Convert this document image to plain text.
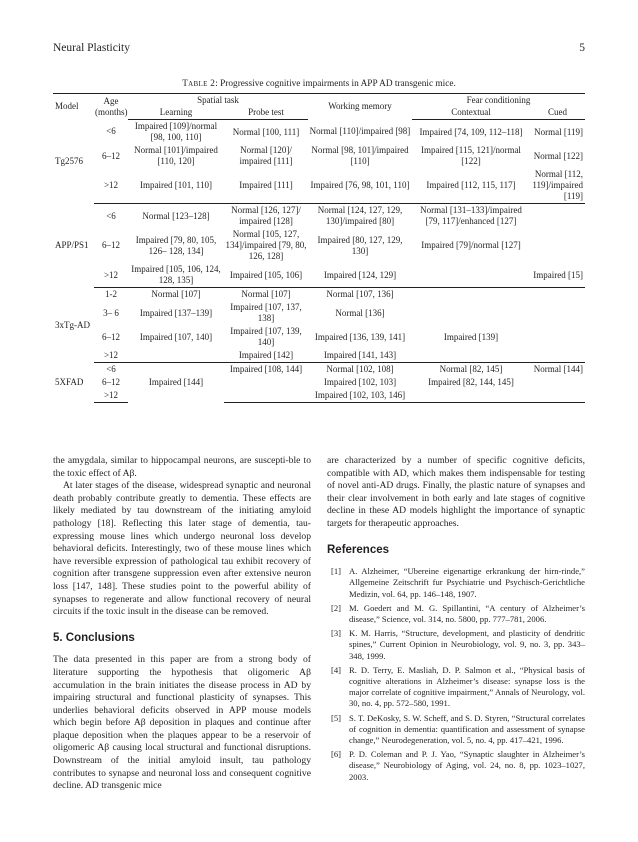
Neural Plasticity	5
Table 2: Progressive cognitive impairments in APP AD transgenic mice.
Model	Age (months)	Spatial task		Working memory	Fear conditioning	
		Learning	Probe test		Contextual	Cued
Tg2576	<6	Impaired [109]/normal [98, 100, 110]	Normal [100, 111]	Normal [110]/impaired [98]	Impaired [74, 109, 112–118]	Normal [119]
	6–12	Normal [101]/impaired [110, 120]	Normal [120]/ impaired [111]	Normal [98, 101]/impaired [110]	Impaired [115, 121]/normal [122]	Normal [122]
	>12	Impaired [101, 110]	Impaired [111]	Impaired [76, 98, 101, 110]	Impaired [112, 115, 117]	Normal [112, 119]/impaired [119]
APP/PS1	<6	Normal [123–128]	Normal [126, 127]/ impaired [128]	Normal [124, 127, 129, 130]/impaired [80]	Normal [131–133]/impaired [79, 117]/enhanced [127]	
	6–12	Impaired [79, 80, 105, 126– 128, 134]	Normal [105, 127, 134]/impaired [79, 80, 126, 128]	Impaired [80, 127, 129, 130]	Impaired [79]/normal [127]	
	>12	Impaired [105, 106, 124, 128, 135]	Impaired [105, 106]	Impaired [124, 129]		Impaired [15]
3xTg-AD	1-2	Normal [107]	Normal [107]	Normal [107, 136]		
	3– 6	Impaired [137–139]	Impaired [107, 137, 138]	Normal [136]		
	6–12	Impaired [107, 140]	Impaired [107, 139, 140]	Impaired [136, 139, 141]	Impaired [139]	
	>12		Impaired [142]	Impaired [141, 143]		
5XFAD	<6	Impaired [144]	Impaired [108, 144]	Normal [102, 108]	Normal [82, 145]	Normal [144]
	6–12			Impaired [102, 103]	Impaired [82, 144, 145]	
	>12			Impaired [102, 103, 146]		

the amygdala, similar to hippocampal neurons, are suscepti-ble to the toxic effect of Aβ.

At later stages of the disease, widespread synaptic and neuronal death probably contribute greatly to dementia. These effects are likely mediated by tau downstream of the initiating amyloid pathology [18]. Reflecting this later stage of dementia, tau-expressing mouse lines which undergo neuronal loss develop behavioral deficits. Interestingly, two of these mouse lines which have reversible expression of pathological tau exhibit recovery of cognition after transgene suppression even after extensive neuron loss [147, 148]. These studies point to the powerful ability of synapses to regenerate and allow functional recovery of neural circuits if the toxic insult in the disease can be removed.

5. Conclusions

The data presented in this paper are from a strong body of literature supporting the hypothesis that oligomeric Aβ accumulation in the brain initiates the disease process in AD by impairing structural and functional plasticity of synapses. This underlies behavioral deficits observed in APP mouse models which begin before Aβ deposition in plaques and continue after plaque deposition when the plaques appear to be a reservoir of oligomeric Aβ causing local structural and functional disruptions. Downstream of the initial amyloid insult, tau pathology contributes to synapse and neuronal loss and consequent cognitive decline. AD transgenic mice

are characterized by a number of specific cognitive deficits, compatible with AD, which makes them indispensable for testing of novel anti-AD drugs. Finally, the plastic nature of synapses and their clear involvement in both early and late stages of cognitive decline in these AD models highlight the importance of synaptic targets for therapeutic approaches.

References
[1] A. Alzheimer, “Ubereine eigenartige erkrankung der hirn-rinde,” Allgemeine Zeitschrift fur Psychiatrie und Psychisch-Gerichtliche Medizin, vol. 64, pp. 146–148, 1907.
[2] M. Goedert and M. G. Spillantini, “A century of Alzheimer’s disease,” Science, vol. 314, no. 5800, pp. 777–781, 2006.
[3] K. M. Harris, “Structure, development, and plasticity of dendritic spines,” Current Opinion in Neurobiology, vol. 9, no. 3, pp. 343–348, 1999.
[4] R. D. Terry, E. Masliah, D. P. Salmon et al., “Physical basis of cognitive alterations in Alzheimer’s disease: synapse loss is the major correlate of cognitive impairment,” Annals of Neurology, vol. 30, no. 4, pp. 572–580, 1991.
[5] S. T. DeKosky, S. W. Scheff, and S. D. Styren, “Structural correlates of cognition in dementia: quantification and assessment of synapse change,” Neurodegeneration, vol. 5, no. 4, pp. 417–421, 1996.
[6] P. D. Coleman and P. J. Yao, “Synaptic slaughter in Alzheimer’s disease,” Neurobiology of Aging, vol. 24, no. 8, pp. 1023–1027, 2003.
